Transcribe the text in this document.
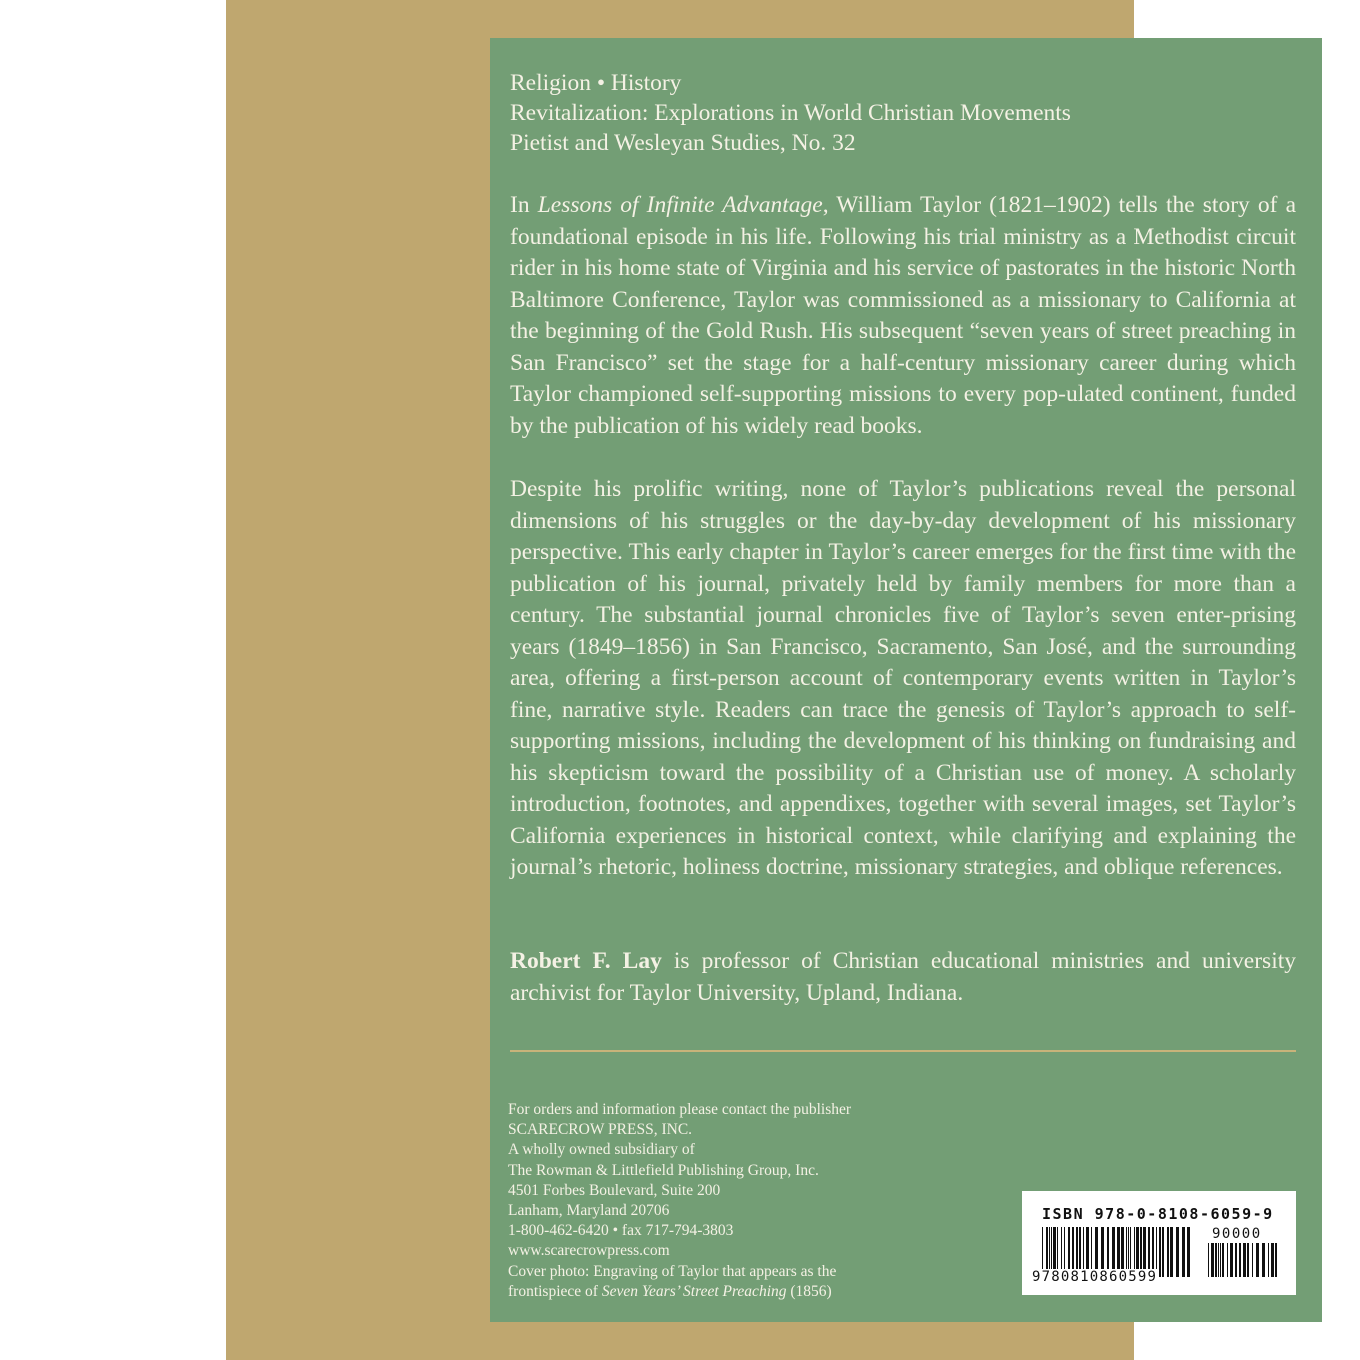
Religion • History
Revitalization: Explorations in World Christian Movements
Pietist and Wesleyan Studies, No. 32
In Lessons of Infinite Advantage, William Taylor (1821–1902) tells the story of a foundational episode in his life. Following his trial ministry as a Methodist circuit rider in his home state of Virginia and his service of pastorates in the historic North Baltimore Conference, Taylor was commissioned as a missionary to California at the beginning of the Gold Rush. His subsequent “seven years of street preaching in San Francisco” set the stage for a half-century missionary career during which Taylor championed self-supporting missions to every pop-ulated continent, funded by the publication of his widely read books.
Despite his prolific writing, none of Taylor’s publications reveal the personal dimensions of his struggles or the day-by-day development of his missionary perspective. This early chapter in Taylor’s career emerges for the first time with the publication of his journal, privately held by family members for more than a century. The substantial journal chronicles five of Taylor’s seven enter-prising years (1849–1856) in San Francisco, Sacramento, San José, and the surrounding area, offering a first-person account of contemporary events written in Taylor’s fine, narrative style. Readers can trace the genesis of Taylor’s approach to self-supporting missions, including the development of his thinking on fundraising and his skepticism toward the possibility of a Christian use of money. A scholarly introduction, footnotes, and appendixes, together with several images, set Taylor’s California experiences in historical context, while clarifying and explaining the journal’s rhetoric, holiness doctrine, missionary strategies, and oblique references.
Robert F. Lay is professor of Christian educational ministries and university archivist for Taylor University, Upland, Indiana.
For orders and information please contact the publisher
SCARECROW PRESS, INC.
A wholly owned subsidiary of
The Rowman & Littlefield Publishing Group, Inc.
4501 Forbes Boulevard, Suite 200
Lanham, Maryland 20706
1-800-462-6420 • fax 717-794-3803
www.scarecrowpress.com
Cover photo: Engraving of Taylor that appears as the
frontispiece of Seven Years’ Street Preaching (1856)
ISBN 978-0-8108-6059-9
90000
9780810860599
